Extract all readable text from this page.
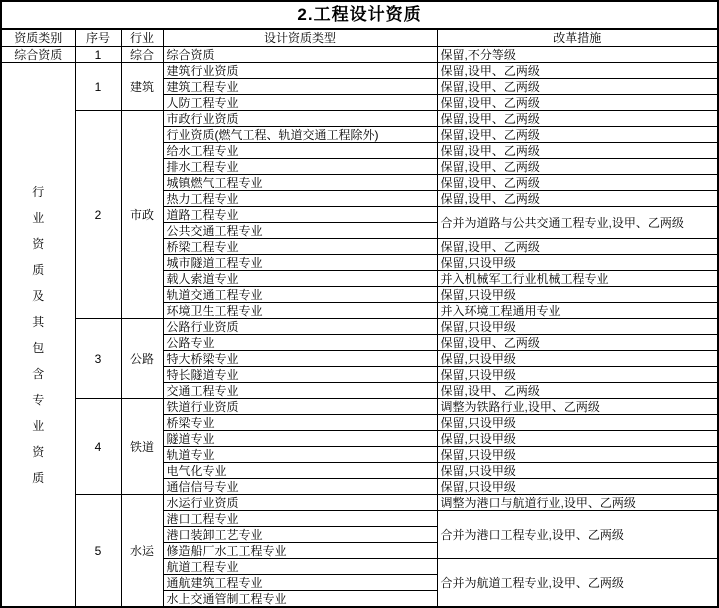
2.工程设计资质				
资质类别	序号	行业	设计资质类型	改革措施
综合资质	1	综合	综合资质	保留,不分等级

行业资质及其包含专业资质	1	建筑	建筑行业资质	保留,设甲、乙两级
			建筑工程专业	保留,设甲、乙两级
			人防工程专业	保留,设甲、乙两级
	2	市政	市政行业资质	保留,设甲、乙两级
			行业资质(燃气工程、轨道交通工程除外)	保留,设甲、乙两级
			给水工程专业	保留,设甲、乙两级
			排水工程专业	保留,设甲、乙两级
			城镇燃气工程专业	保留,设甲、乙两级
			热力工程专业	保留,设甲、乙两级
			道路工程专业	合并为道路与公共交通工程专业,设甲、乙两级
			公共交通工程专业	
			桥梁工程专业	保留,设甲、乙两级
			城市隧道工程专业	保留,只设甲级
			载人索道专业	并入机械军工行业机械工程专业
			轨道交通工程专业	保留,只设甲级
			环境卫生工程专业	并入环境工程通用专业
	3	公路	公路行业资质	保留,只设甲级
			公路专业	保留,设甲、乙两级
			特大桥梁专业	保留,只设甲级
			特长隧道专业	保留,只设甲级
			交通工程专业	保留,设甲、乙两级
	4	铁道	铁道行业资质	调整为铁路行业,设甲、乙两级
			桥梁专业	保留,只设甲级
			隧道专业	保留,只设甲级
			轨道专业	保留,只设甲级
			电气化专业	保留,只设甲级
			通信信号专业	保留,只设甲级
	5	水运	水运行业资质	调整为港口与航道行业,设甲、乙两级
			港口工程专业	合并为港口工程专业,设甲、乙两级
			港口装卸工艺专业	
			修造船厂水工工程专业	
			航道工程专业	合并为航道工程专业,设甲、乙两级
			通航建筑工程专业	
			水上交通管制工程专业	
